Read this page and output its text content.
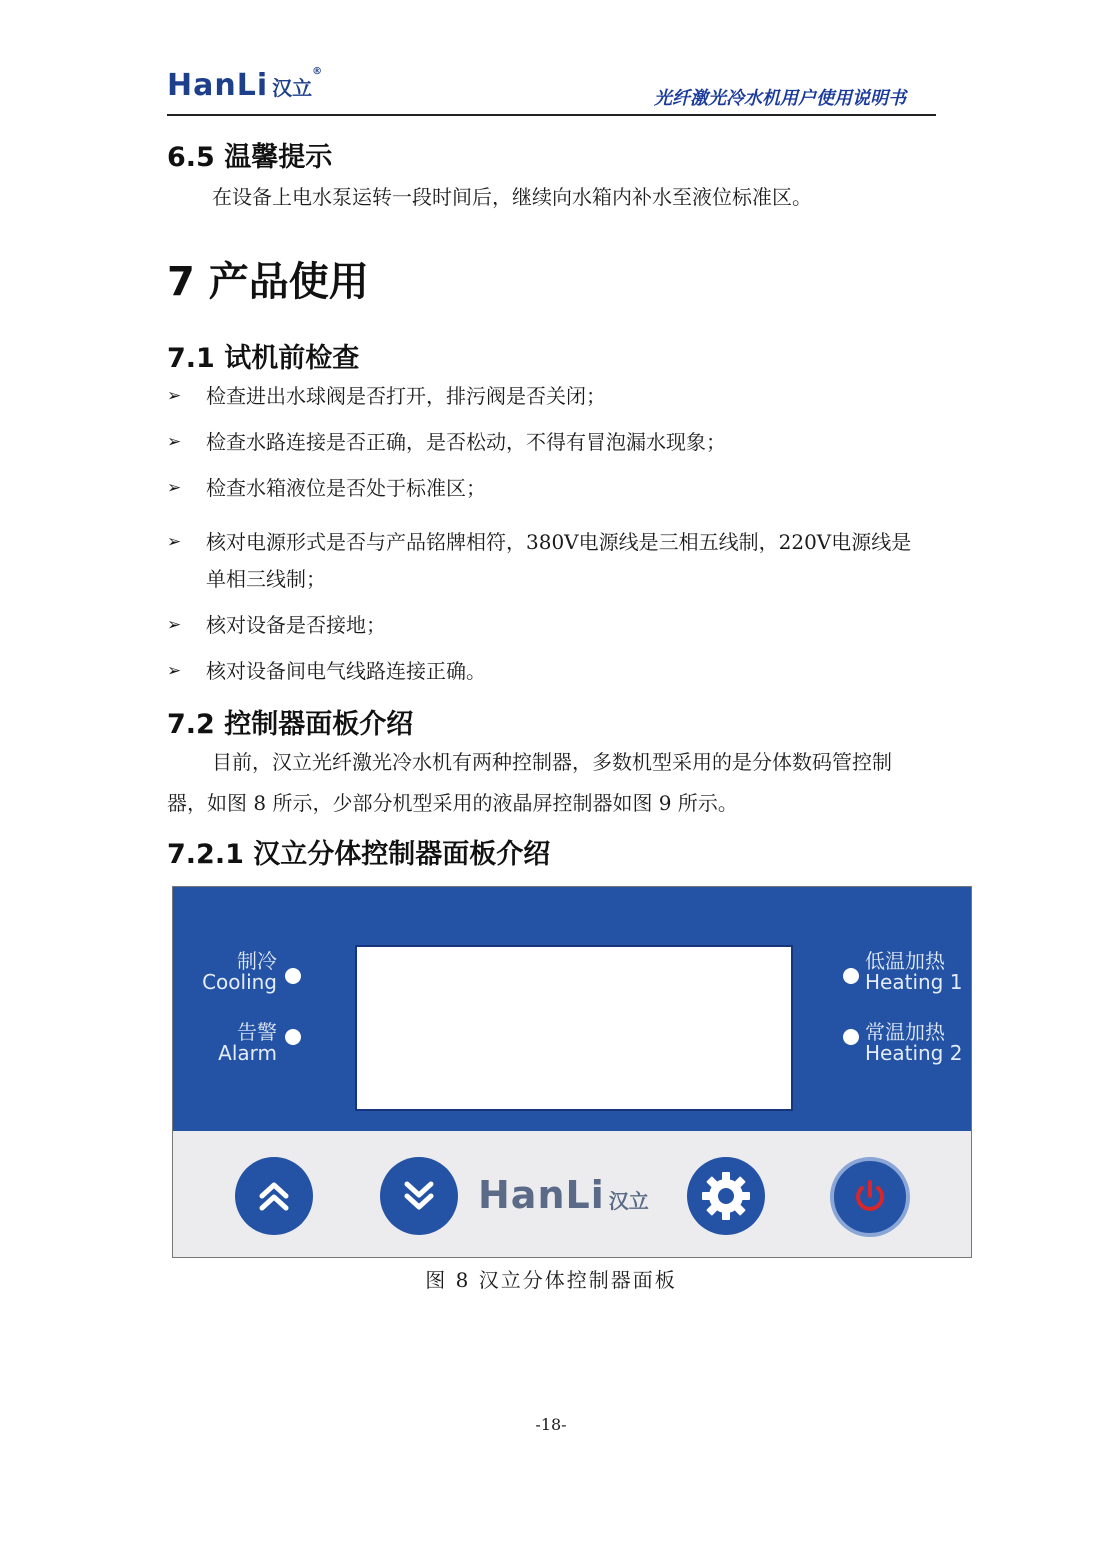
HanLi 汉立®
光纤激光冷水机用户使用说明书
6.5 温馨提示

在设备上电水泵运转一段时间后，继续向水箱内补水至液位标准区。

7 产品使用
7.1 试机前检查
➢ 检查进出水球阀是否打开，排污阀是否关闭；
➢ 检查水路连接是否正确，是否松动，不得有冒泡漏水现象；
➢ 检查水箱液位是否处于标准区；
➢ 核对电源形式是否与产品铭牌相符，380V电源线是三相五线制，220V电源线是单相三线制；
➢ 核对设备是否接地；
➢ 核对设备间电气线路连接正确。
7.2 控制器面板介绍

目前，汉立光纤激光冷水机有两种控制器，多数机型采用的是分体数码管控制器，如图 8 所示，少部分机型采用的液晶屏控制器如图 9 所示。

7.2.1 汉立分体控制器面板介绍
制冷
Cooling
告警
Alarm
低温加热
Heating 1
常温加热
Heating 2
HanLi 汉立
图 8 汉立分体控制器面板
-18-
